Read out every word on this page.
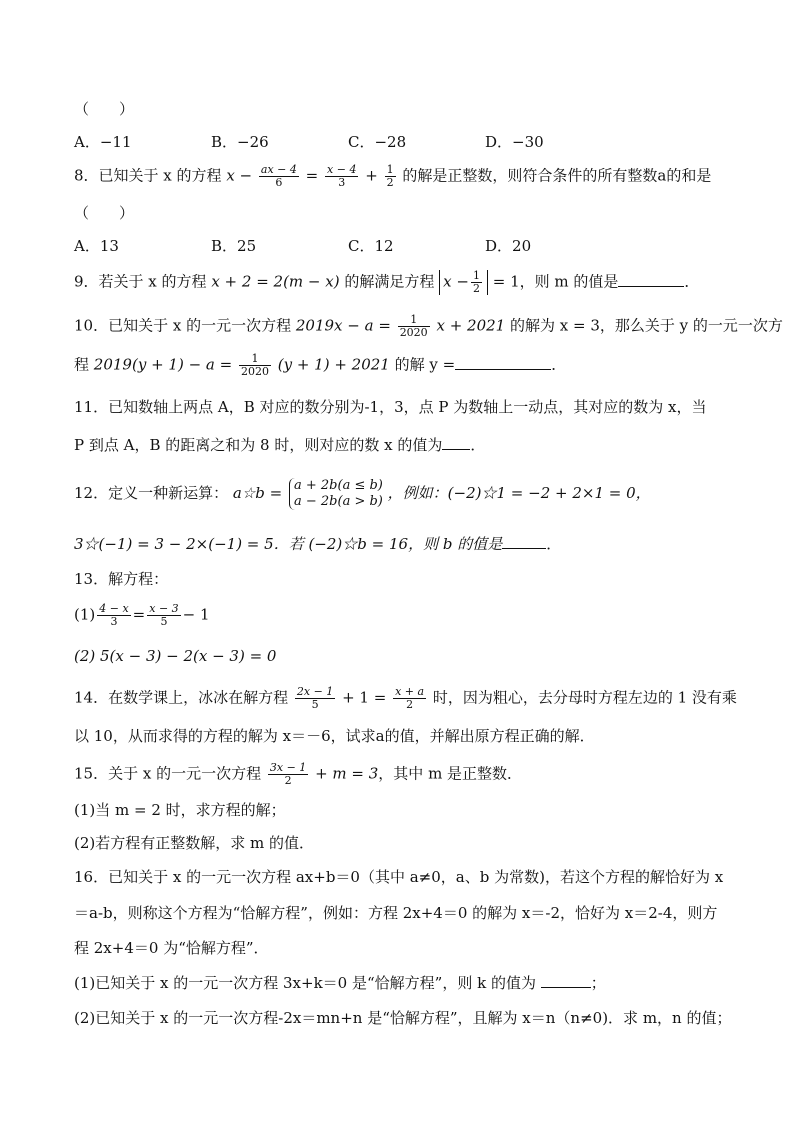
（　　）
A．−11	B．−26	C．−28	D．−30
8．已知关于 x 的方程 $x - \frac{ax - 4}{6} = \frac{x - 4}{3} + \frac{1}{2}$ 的解是正整数，则符合条件的所有整数a的和是
（　　）
A．13	B．25	C．12	D．20
9．若关于 x 的方程 x + 2 = 2(m − x) 的解满足方程 $x - \frac{1}{2} = 1$，则 m 的值是	．
10．已知关于 x 的一元一次方程 $2019x - a = \frac{1}{2020}$ x + 2021 的解为 x = 3，那么关于 y 的一元一次方
程 $2019(y + 1) - a = \frac{1}{2020} (y + 1) + 2021$ 的解 y =	．
11．已知数轴上两点 A，B 对应的数分别为-1，3，点 P 为数轴上一动点，其对应的数为 x，当
P 到点 A，B 的距离之和为 8 时，则对应的数 x 的值为 ．
12．定义一种新运算： a☆b = a + 2b(a ≤ b)
a − 2b(a > b) ，例如：(−2)☆1 = −2 + 2×1 = 0，
3☆(−1) = 3 − 2×(−1) = 5．若 (−2)☆b = 16，则 b 的值是	．
13．解方程：
$(1) \frac{4 - x}{3} = \frac{x - 3}{5} - 1$
(2) 5(x − 3) − 2(x − 3) = 0
14．在数学课上，冰冰在解方程 $\frac{2x - 1}{5} + 1 = \frac{x + a}{2}$ 时，因为粗心，去分母时方程左边的 1 没有乘
以 10，从而求得的方程的解为 x＝－6，试求a的值，并解出原方程正确的解．
15．关于 x 的一元一次方程 $\frac{3x - 1}{2} + m = 3$，其中 m 是正整数．
(1)当 m = 2 时，求方程的解；
(2)若方程有正整数解，求 m 的值．
16．已知关于 x 的一元一次方程 ax+b＝0（其中 a≠0，a、b 为常数)，若这个方程的解恰好为 x
＝a-b，则称这个方程为“恰解方程”，例如：方程 2x+4＝0 的解为 x＝-2，恰好为 x＝2-4，则方
程 2x+4＝0 为“恰解方程”．
(1)已知关于 x 的一元一次方程 3x+k＝0 是“恰解方程”，则 k 的值为	；
(2)已知关于 x 的一元一次方程-2x＝mn+n 是“恰解方程”，且解为 x＝n（n≠0)．求 m，n 的值；
